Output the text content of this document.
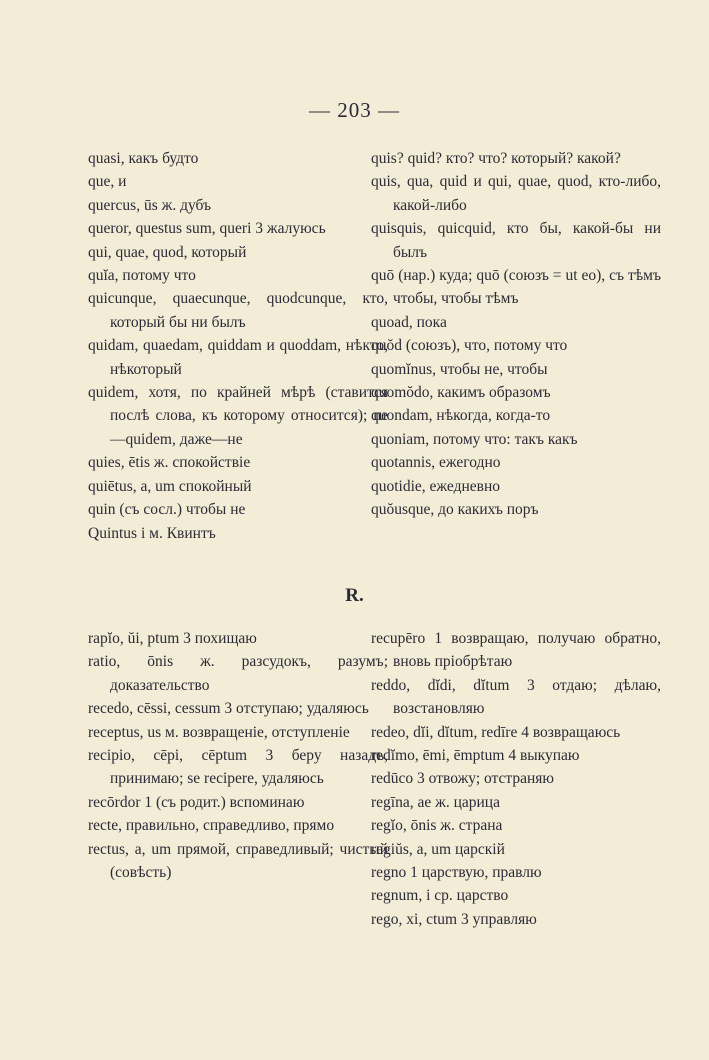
— 203 —
quasi, какъ будто
que, и
quercus, ūs ж. дубъ
queror, questus sum, queri 3 жалуюсь
qui, quae, quod, который
quĭa, потому что
quicunque, quaecunque, quodcunque, кто, который бы ни былъ
quidam, quaedam, quiddam и quoddam, нѣкто, нѣкоторый
quidem, хотя, по крайней мѣрѣ (ставится послѣ слова, къ которому относится); ne—quidem, даже—не
quies, ētis ж. спокойствіе
quiētus, a, um спокойный
quin (съ сосл.) чтобы не
Quintus i м. Квинтъ
quis? quid? кто? что? который? какой?
quis, qua, quid и qui, quae, quod, кто-либо, какой-либо
quisquis, quicquid, кто бы, какой-бы ни былъ
quō (нар.) куда; quō (союзъ = ut eo), съ тѣмъ чтобы, чтобы тѣмъ
quoad, пока
quŏd (союзъ), что, потому что
quomĭnus, чтобы не, чтобы
quomŏdo, какимъ образомъ
quondam, нѣкогда, когда-то
quoniam, потому что: такъ какъ
quotannis, ежегодно
quotidie, ежедневно
quŏusque, до какихъ поръ
R.
rapĭo, ŭi, ptum 3 похищаю
ratio, ōnis ж. разсудокъ, разумъ; доказательство
recedo, cēssi, cessum 3 отступаю; удаляюсь
receptus, us м. возвращеніе, отступленіе
recipio, cēpi, cēptum 3 беру назадъ, принимаю; se recipere, удаляюсь
recōrdor 1 (съ родит.) вспоминаю
recte, правильно, справедливо, прямо
rectus, a, um прямой, справедливый; чистый (совѣсть)
recupēro 1 возвращаю, получаю обратно, вновь пріобрѣтаю
reddo, dĭdi, dĭtum 3 отдаю; дѣлаю, возстановляю
redeo, dĭi, dĭtum, redīre 4 возвращаюсь
redĭmo, ēmi, ēmptum 4 выкупаю
redūco 3 отвожу; отстраняю
regīna, ae ж. царица
regĭo, ōnis ж. страна
regiŭs, a, um царскій
regno 1 царствую, правлю
regnum, i ср. царство
rego, xi, ctum 3 управляю
